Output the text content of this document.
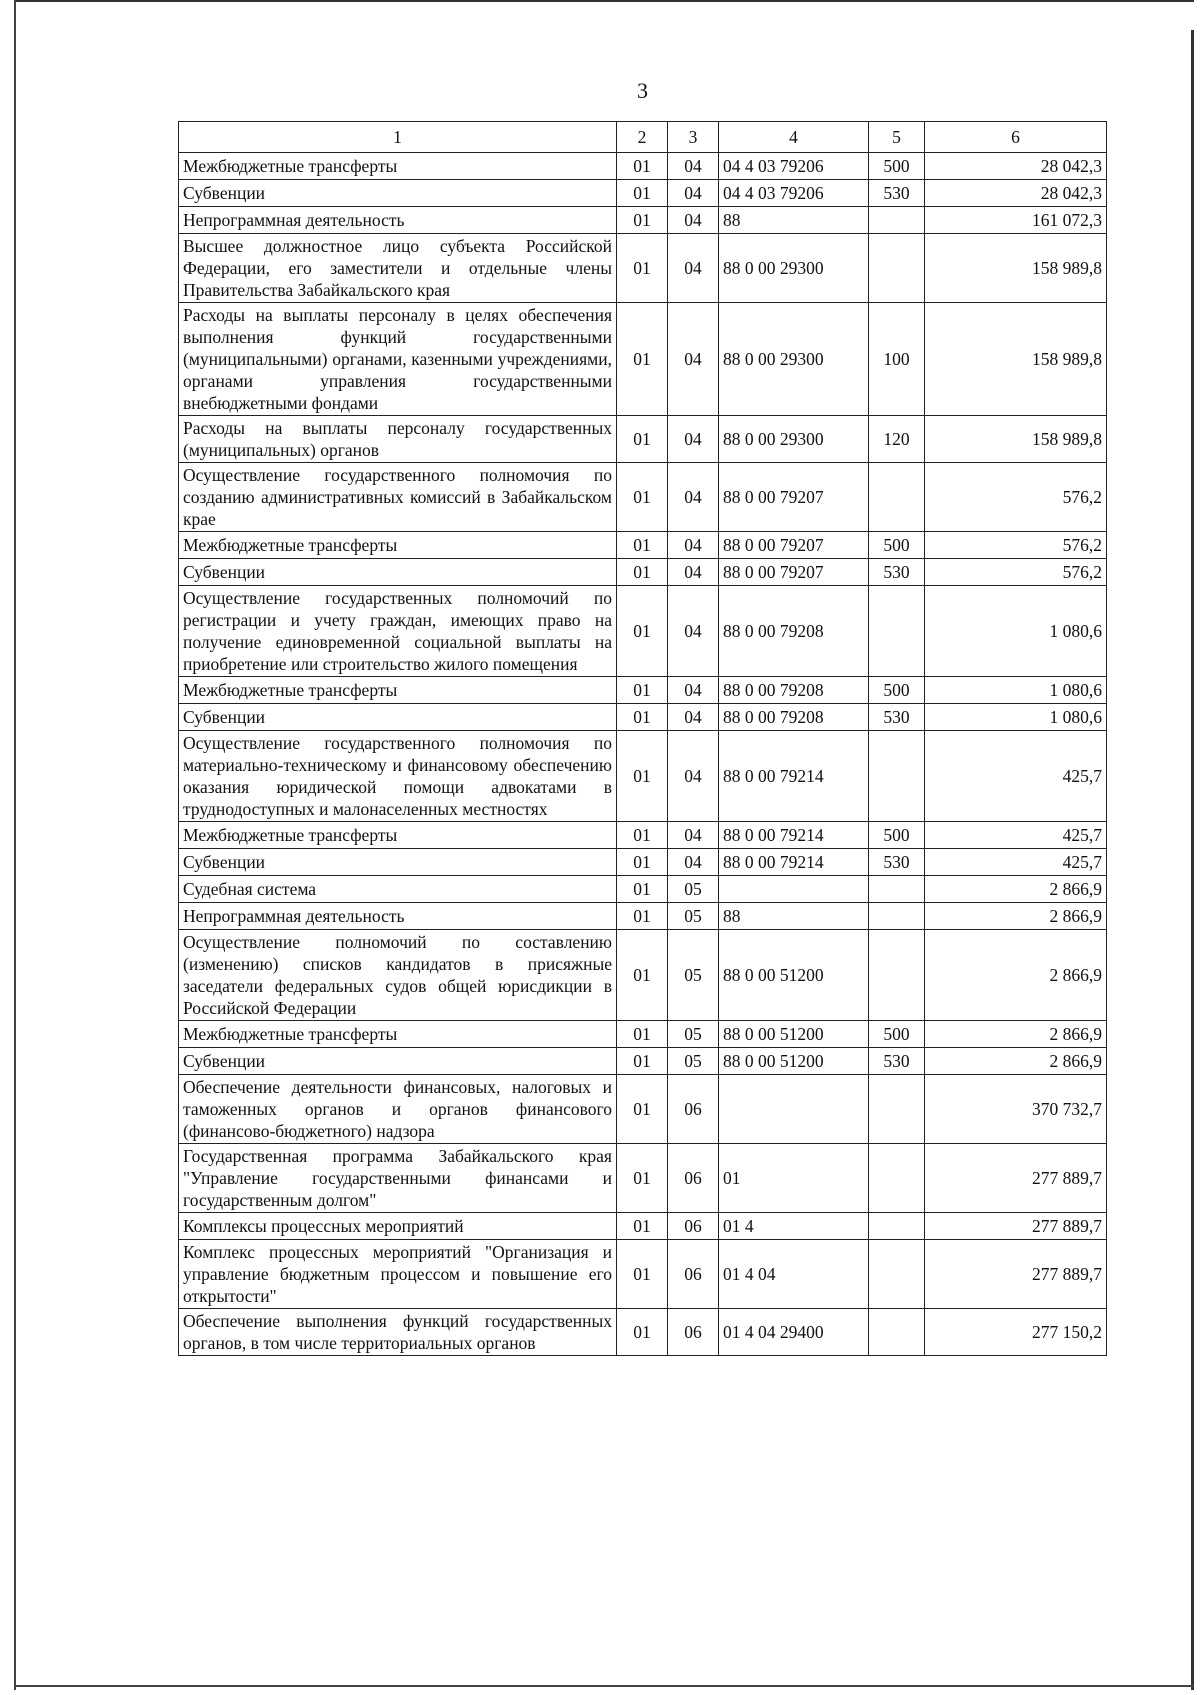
3
1	2	3	4	5	6
Межбюджетные трансферты	01	04	04 4 03 79206	500	28 042,3
Субвенции	01	04	04 4 03 79206	530	28 042,3
Непрограммная деятельность	01	04	88		161 072,3
Высшее должностное лицо субъекта Российской Федерации, его заместители и отдельные члены Правительства Забайкальского края	01	04	88 0 00 29300		158 989,8
Расходы на выплаты персоналу в целях обеспечения выполнения функций государственными (муниципальными) органами, казенными учреждениями, органами управления государственными внебюджетными фондами	01	04	88 0 00 29300	100	158 989,8
Расходы на выплаты персоналу государственных (муниципальных) органов	01	04	88 0 00 29300	120	158 989,8
Осуществление государственного полномочия по созданию административных комиссий в Забайкальском крае	01	04	88 0 00 79207		576,2
Межбюджетные трансферты	01	04	88 0 00 79207	500	576,2
Субвенции	01	04	88 0 00 79207	530	576,2
Осуществление государственных полномочий по регистрации и учету граждан, имеющих право на получение единовременной социальной выплаты на приобретение или строительство жилого помещения	01	04	88 0 00 79208		1 080,6
Межбюджетные трансферты	01	04	88 0 00 79208	500	1 080,6
Субвенции	01	04	88 0 00 79208	530	1 080,6
Осуществление государственного полномочия по материально-техническому и финансовому обеспечению оказания юридической помощи адвокатами в труднодоступных и малонаселенных местностях	01	04	88 0 00 79214		425,7
Межбюджетные трансферты	01	04	88 0 00 79214	500	425,7
Субвенции	01	04	88 0 00 79214	530	425,7
Судебная система	01	05			2 866,9
Непрограммная деятельность	01	05	88		2 866,9
Осуществление полномочий по составлению (изменению) списков кандидатов в присяжные заседатели федеральных судов общей юрисдикции в Российской Федерации	01	05	88 0 00 51200		2 866,9
Межбюджетные трансферты	01	05	88 0 00 51200	500	2 866,9
Субвенции	01	05	88 0 00 51200	530	2 866,9
Обеспечение деятельности финансовых, налоговых и таможенных органов и органов финансового (финансово-бюджетного) надзора	01	06			370 732,7
Государственная программа Забайкальского края "Управление государственными финансами и государственным долгом"	01	06	01		277 889,7
Комплексы процессных мероприятий	01	06	01 4		277 889,7
Комплекс процессных мероприятий "Организация и управление бюджетным процессом и повышение его открытости"	01	06	01 4 04		277 889,7
Обеспечение выполнения функций государственных органов, в том числе территориальных органов	01	06	01 4 04 29400		277 150,2
